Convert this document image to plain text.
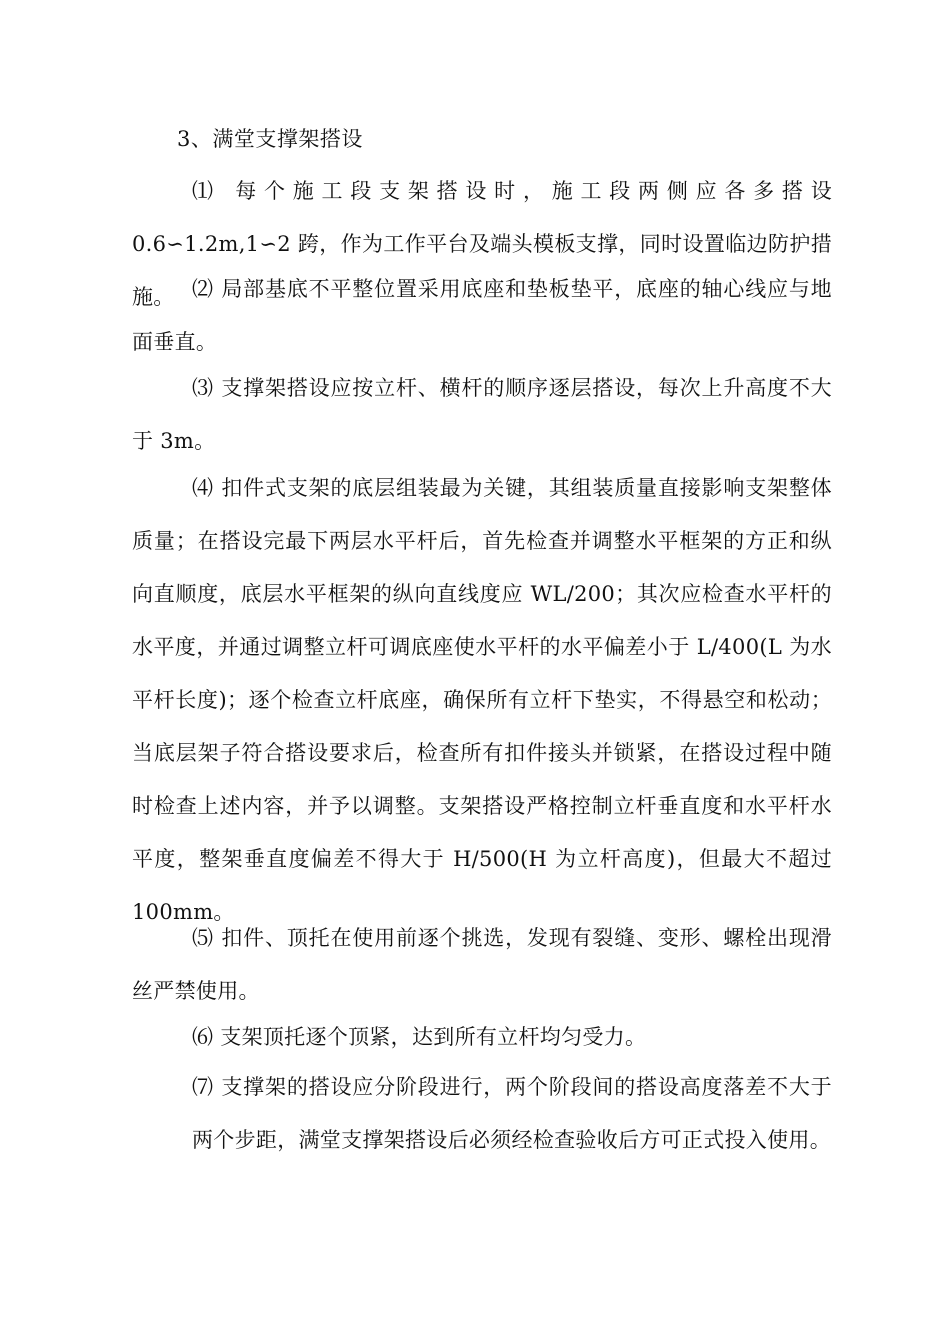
3、满堂支撑架搭设

⑴ 每个施工段支架搭设时，施工段两侧应各多搭设 0.6∽1.2m,1∽2 跨，作为工作平台及端头模板支撑，同时设置临边防护措施。 ⑵ 局部基底不平整位置采用底座和垫板垫平，底座的轴心线应与地面垂直。

⑶ 支撑架搭设应按立杆、横杆的顺序逐层搭设，每次上升高度不大于 3m。

⑷ 扣件式支架的底层组装最为关键，其组装质量直接影响支架整体质量；在搭设完最下两层水平杆后，首先检查并调整水平框架的方正和纵向直顺度，底层水平框架的纵向直线度应 WL/200；其次应检查水平杆的水平度，并通过调整立杆可调底座使水平杆的水平偏差小于 L/400(L 为水平杆长度)；逐个检查立杆底座，确保所有立杆下垫实，不得悬空和松动；当底层架子符合搭设要求后，检查所有扣件接头并锁紧，在搭设过程中随时检查上述内容，并予以调整。支架搭设严格控制立杆垂直度和水平杆水平度，整架垂直度偏差不得大于 H/500(H 为立杆高度)，但最大不超过 100mm。

⑸ 扣件、顶托在使用前逐个挑选，发现有裂缝、变形、螺栓出现滑丝严禁使用。

⑹ 支架顶托逐个顶紧，达到所有立杆均匀受力。

⑺ 支撑架的搭设应分阶段进行，两个阶段间的搭设高度落差不大于两个步距，满堂支撑架搭设后必须经检查验收后方可正式投入使用。
